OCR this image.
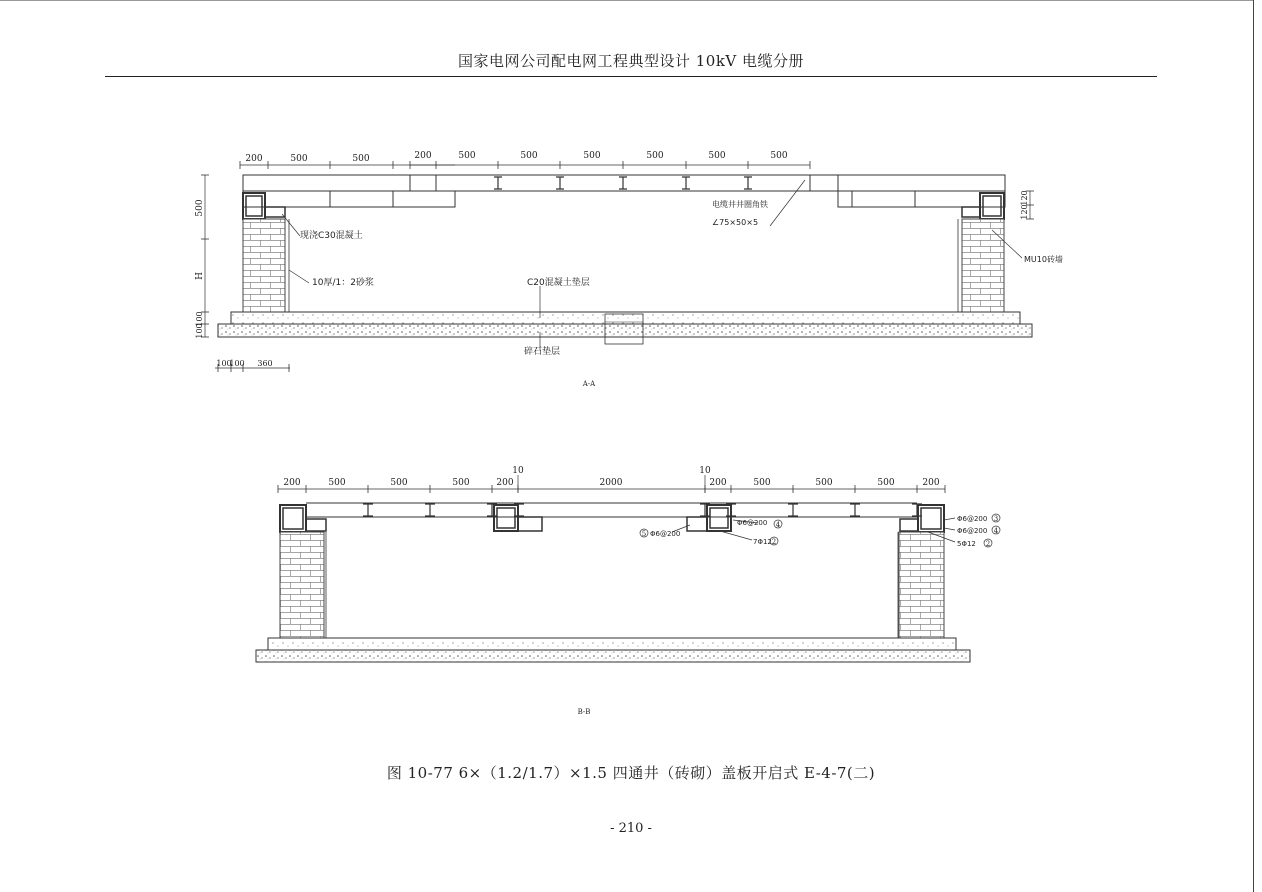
国家电网公司配电网工程典型设计 10kV 电缆分册
200	500	500	200	500	500	500	500	500	500
500
H
100
100
120
120
100
100 360
现浇C30混凝土
10厚/1：2砂浆	C20混凝土垫层
碎石垫层
电缆井井圈角铁
∠75×50×5
MU10砖墙
A-A
200	500	500	500	200	2000	200	500	500	500	200
10	10
Φ6@200
5
Φ6@200 4
7Φ12 2
Φ6@200 3
Φ6@200 4
5Φ12 2
B-B
图 10-77 6×（1.2/1.7）×1.5 四通井（砖砌）盖板开启式 E-4-7(二)
- 210 -
